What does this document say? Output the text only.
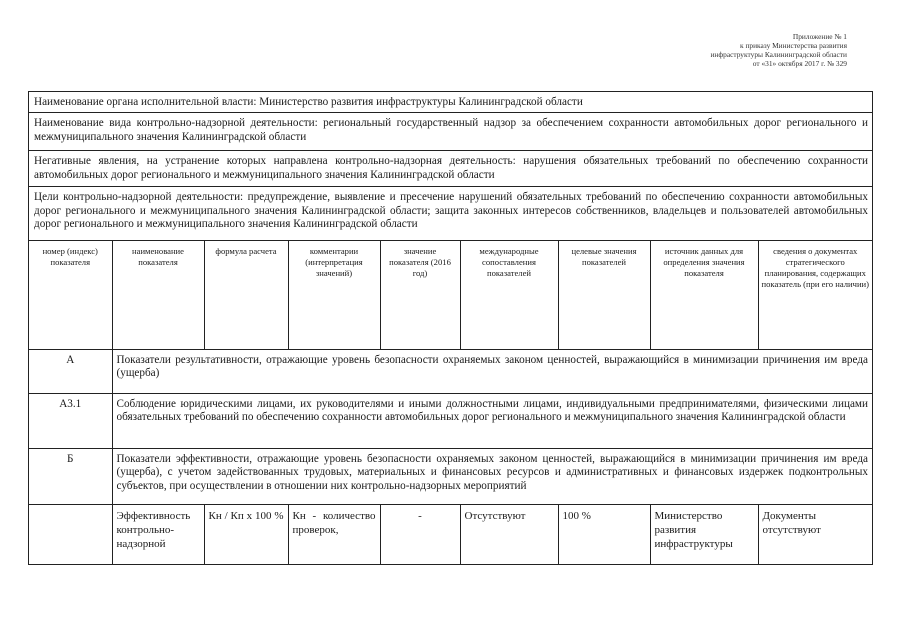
Приложение № 1
к приказу Министерства развития
инфраструктуры Калининградской области
от «31» октября 2017 г. № 329
Наименование органа исполнительной власти: Министерство развития инфраструктуры Калининградской области
Наименование вида контрольно-надзорной деятельности: региональный государственный надзор за обеспечением сохранности автомобильных дорог регионального и межмуниципального значения Калининградской области
Негативные явления, на устранение которых направлена контрольно-надзорная деятельность: нарушения обязательных требований по обеспечению сохранности автомобильных дорог регионального и межмуниципального значения Калининградской области
Цели контрольно-надзорной деятельности: предупреждение, выявление и пресечение нарушений обязательных требований по обеспечению сохранности автомобильных дорог регионального и межмуниципального значения Калининградской области; защита законных интересов собственников, владельцев и пользователей автомобильных дорог регионального и межмуниципального значения Калининградской области
номер (индекс) показателя	наименование показателя	формула расчета	комментарии (интерпретация значений)	значение показателя (2016 год)	международные сопоставления показателей	целевые значения показателей	источник данных для определения значения показателя	сведения о документах стратегического планирования, содержащих показатель (при его наличии)
А	Показатели результативности, отражающие уровень безопасности охраняемых законом ценностей, выражающийся в минимизации причинения им вреда (ущерба)							
А3.1	Соблюдение юридическими лицами, их руководителями и иными должностными лицами, индивидуальными предпринимателями, физическими лицами обязательных требований по обеспечению сохранности автомобильных дорог регионального и межмуниципального значения Калининградской области							
Б	Показатели эффективности, отражающие уровень безопасности охраняемых законом ценностей, выражающийся в минимизации причинения им вреда (ущерба), с учетом задействованных трудовых, материальных и финансовых ресурсов и административных и финансовых издержек подконтрольных субъектов, при осуществлении в отношении них контрольно-надзорных мероприятий							
	Эффективность контрольно-надзорной	Кн / Кп х 100 %	Кн - количество проверок,	-	Отсутствуют	100 %	Министерство развития инфраструктуры	Документы отсутствуют
